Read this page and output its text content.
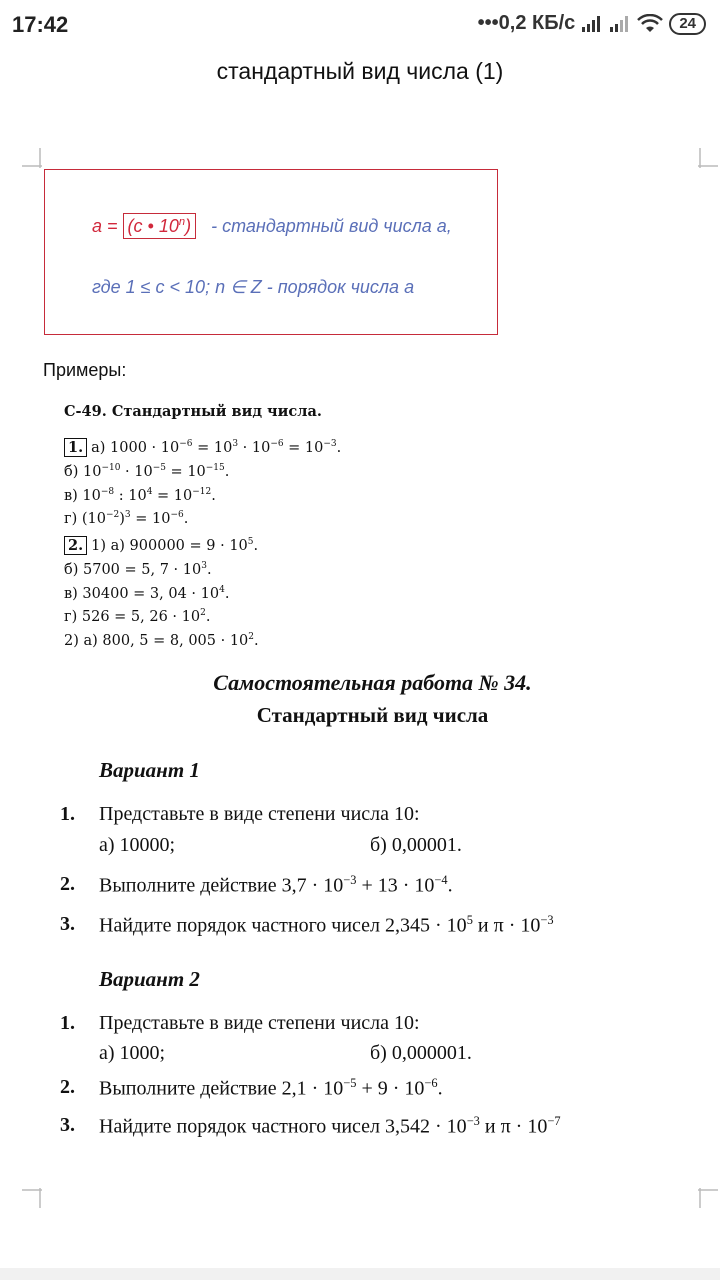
17:42	•••0,2 КБ/с	24
стандартный вид числа (1)
a = (c • 10$^n$) - стандартный вид числа a,
где 1 ≤ c < 10; n ∈ Z - порядок числа a
Примеры:
С-49. Стандартный вид числа.
1. а) $1000 \cdot 10^{-6} = 10^3 \cdot 10^{-6} = 10^{-3}$.
б) $10^{-10} \cdot 10^{-5} = 10^{-15}$.
в) $10^{-8}$ : $10^4 = 10^{-12}$.
г) $(10^{-2})^3 = 10^{-6}$.
2. 1) а) $900000 = 9 \cdot 10^5$.
б) 5700 = 5, $7 \cdot 10^3$.
в) 30400 = 3, $04 \cdot 10^4$.
г) 526 = 5, $26 \cdot 10^2$.
2) а) 800, 5 = 8, $005 \cdot 10^2$.
Самостоятельная работа № 34.
Стандартный вид числа
Вариант 1
1. Представьте в виде степени числа 10:
а) 10000;	б) 0,00001.
2. Выполните действие $3,7 \cdot 10^{-3} + 13 \cdot 10^{-4}$.
3. Найдите порядок частного чисел $2,345 \cdot 10^5$ и $\pi \cdot 10^{-3}$
Вариант 2
1. Представьте в виде степени числа 10:
а) 1000;	б) 0,000001.
2. Выполните действие $2,1 \cdot 10^{-5} + 9 \cdot 10^{-6}$.
3. Найдите порядок частного чисел $3,542 \cdot 10^{-3}$ и $\pi \cdot 10^{-7}$
